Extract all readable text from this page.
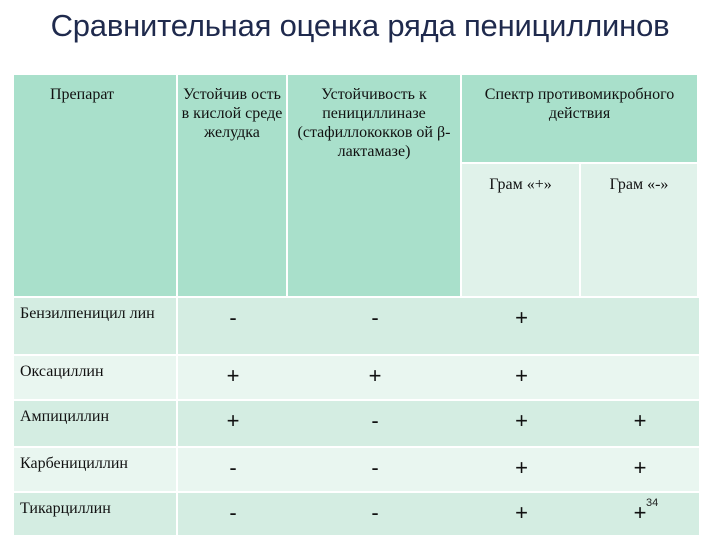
Сравнительная оценка ряда пенициллинов
Препарат	Устойчив ость в кислой среде желудка	Устойчивость к пенициллиназе (стафиллококков ой β-лактамазе)	Спектр противомикробного действия	

			Грам «+»	Грам «-»

Бензилпеницил лин	-	-	+	
Оксациллин	+	+	+	
Ампициллин	+	-	+	+
Карбенициллин	-	-	+	+
Тикарциллин	-	-	+	+ 34
